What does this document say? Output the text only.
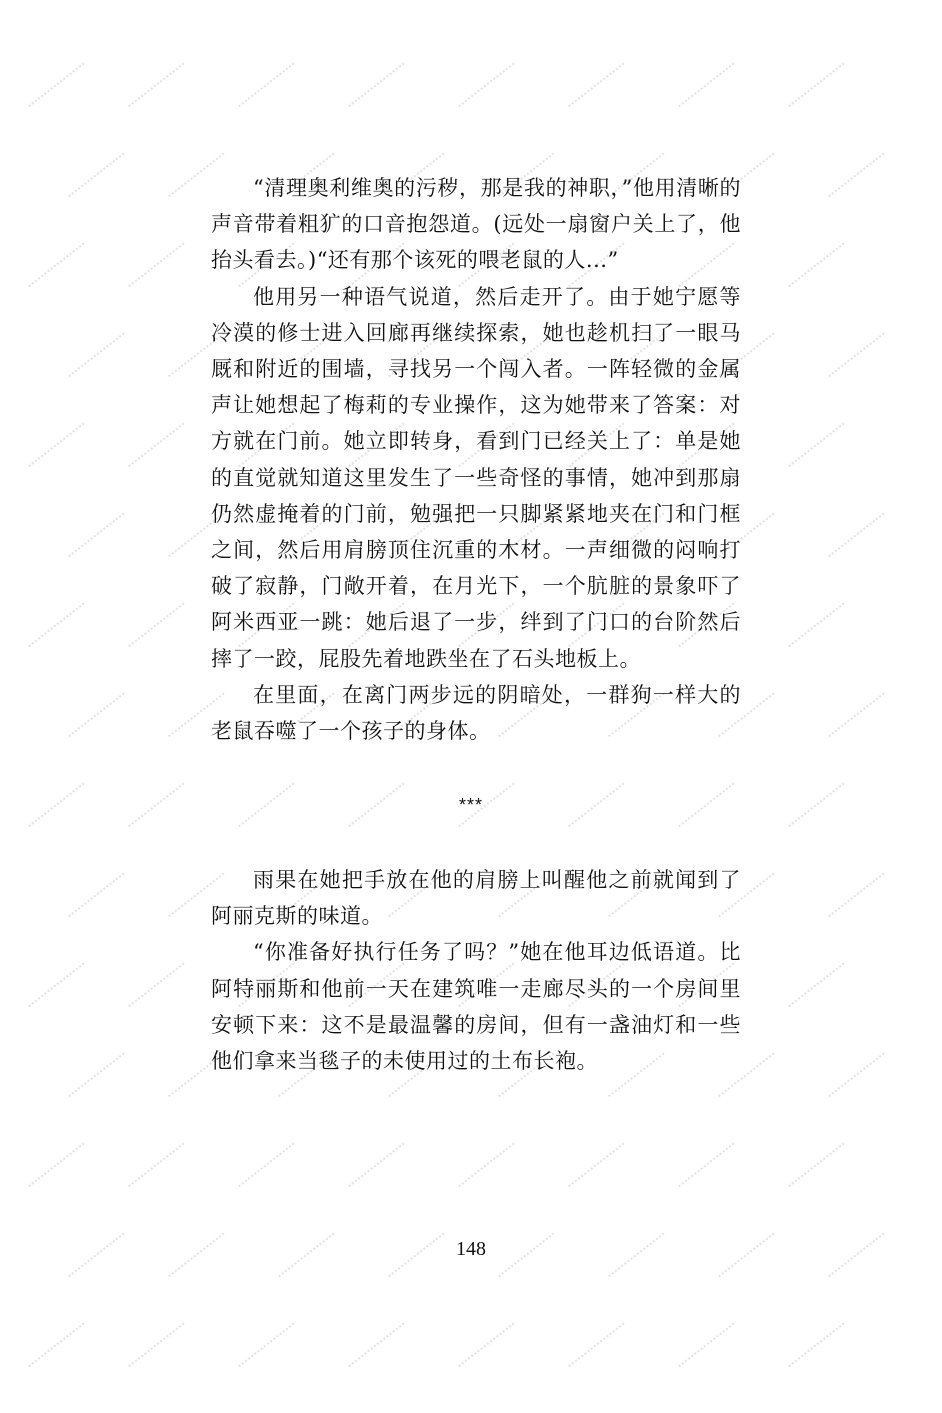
“清理奥利维奥的污秽，那是我的神职，”他用清晰的声音带着粗犷的口音抱怨道。(远处一扇窗户关上了，他抬头看去。)“还有那个该死的喂老鼠的人...”

他用另一种语气说道，然后走开了。由于她宁愿等冷漠的修士进入回廊再继续探索，她也趁机扫了一眼马厩和附近的围墙，寻找另一个闯入者。一阵轻微的金属声让她想起了梅莉的专业操作，这为她带来了答案：对方就在门前。她立即转身，看到门已经关上了：单是她的直觉就知道这里发生了一些奇怪的事情，她冲到那扇仍然虚掩着的门前，勉强把一只脚紧紧地夹在门和门框之间，然后用肩膀顶住沉重的木材。一声细微的闷响打破了寂静，门敞开着，在月光下，一个肮脏的景象吓了阿米西亚一跳：她后退了一步，绊到了门口的台阶然后摔了一跤，屁股先着地跌坐在了石头地板上。

在里面，在离门两步远的阴暗处，一群狗一样大的老鼠吞噬了一个孩子的身体。

***

雨果在她把手放在他的肩膀上叫醒他之前就闻到了阿丽克斯的味道。

“你准备好执行任务了吗？”她在他耳边低语道。比阿特丽斯和他前一天在建筑唯一走廊尽头的一个房间里安顿下来：这不是最温馨的房间，但有一盏油灯和一些他们拿来当毯子的未使用过的土布长袍。

148
